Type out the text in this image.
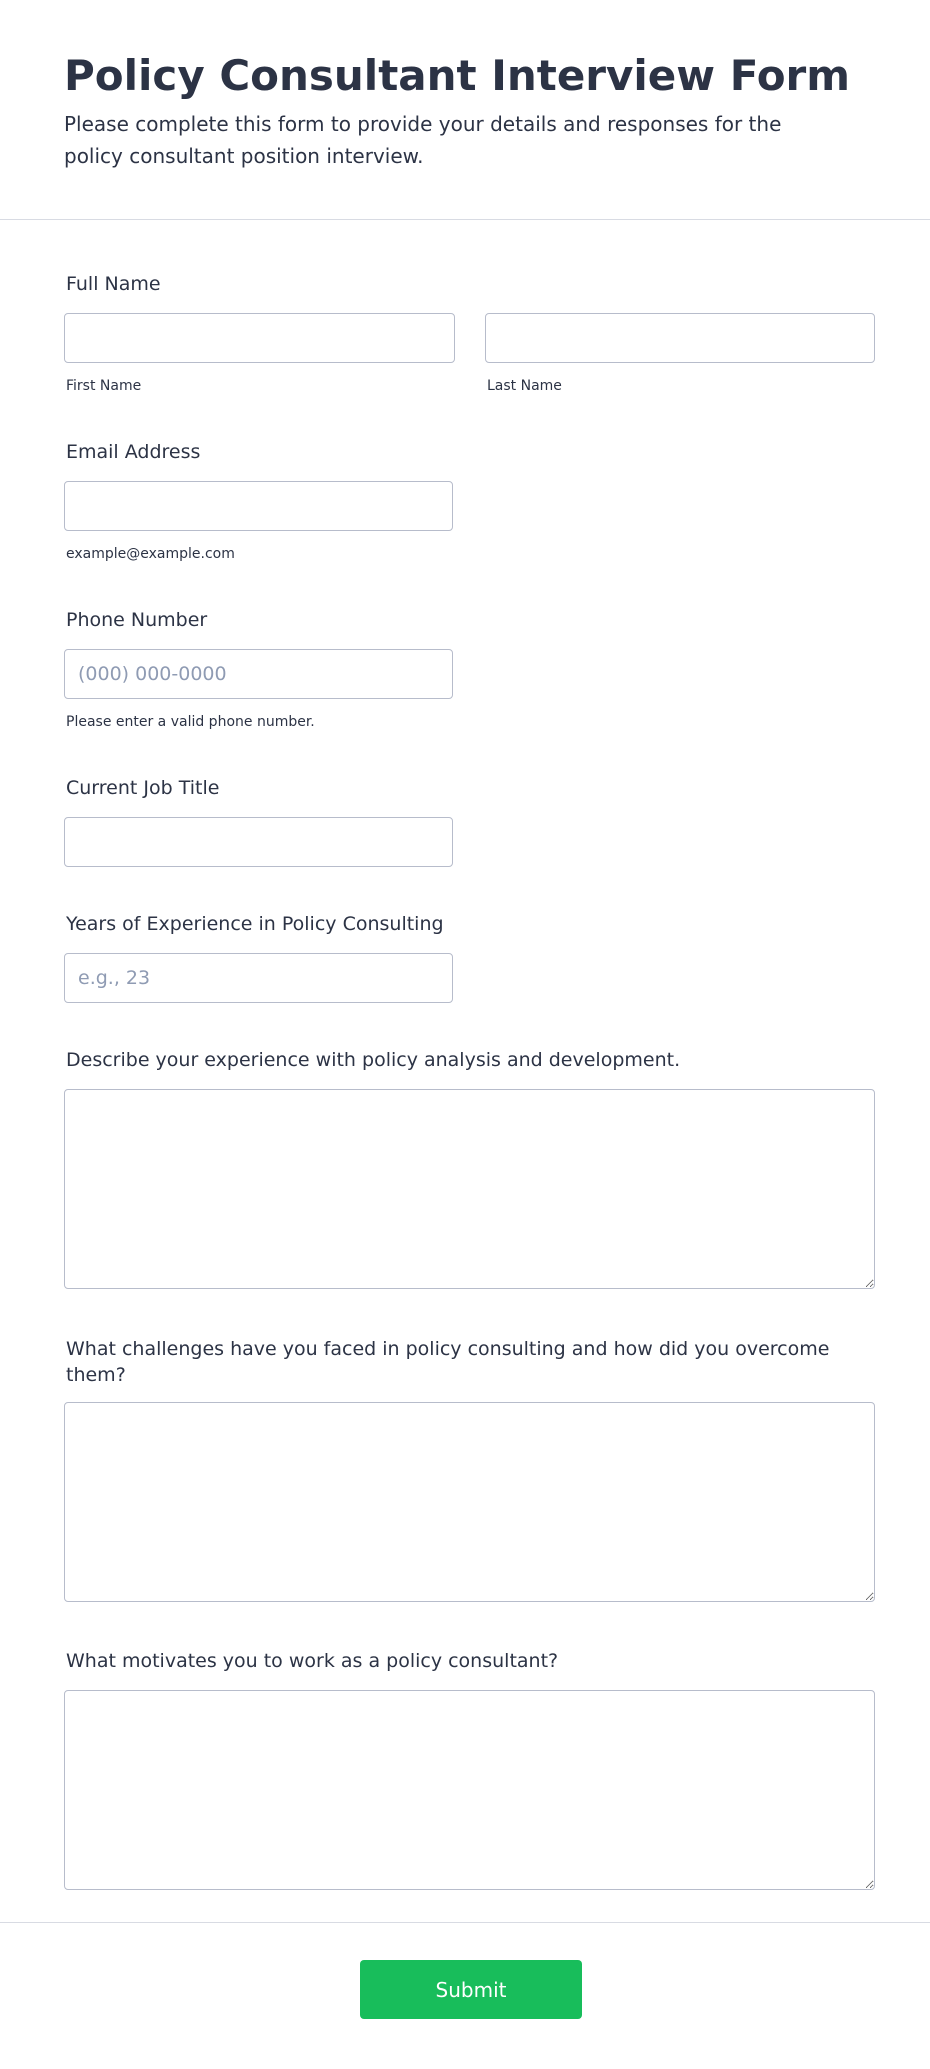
Policy Consultant Interview Form

Please complete this form to provide your details and responses for the policy consultant position interview.

Full Name
First Name	Last Name
Email Address
example@example.com
Phone Number
(000) 000-0000
Please enter a valid phone number.
Current Job Title
Years of Experience in Policy Consulting
e.g., 23
Describe your experience with policy analysis and development.
What challenges have you faced in policy consulting and how did you overcome them?
What motivates you to work as a policy consultant?
Submit
